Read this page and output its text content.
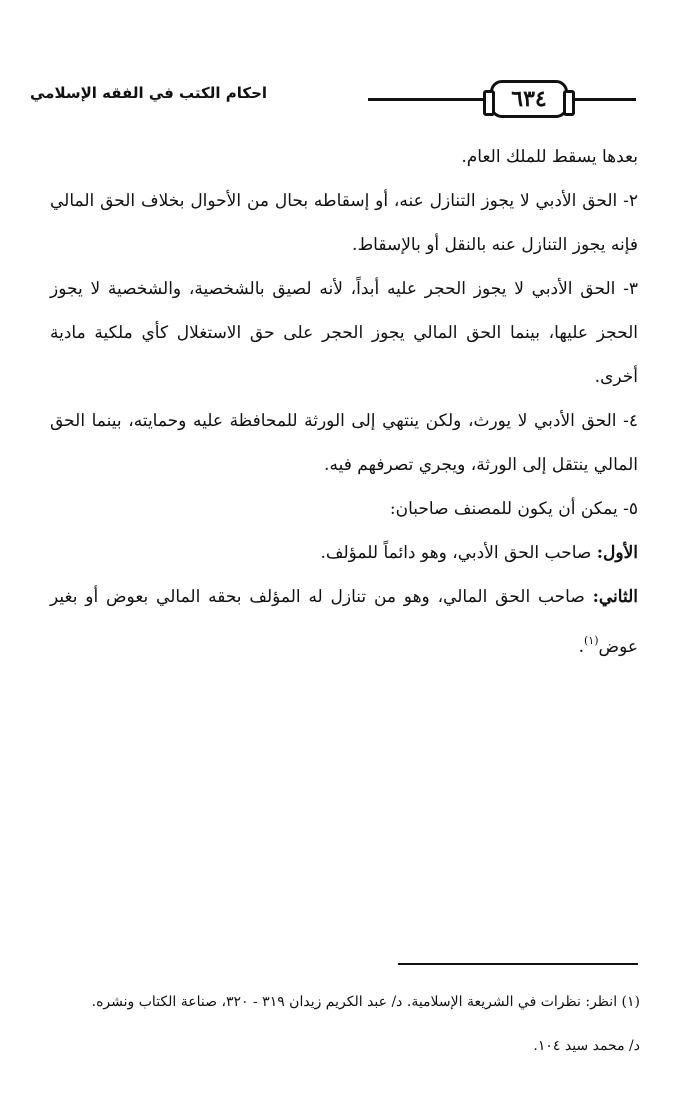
٦٣٤
احكام الكتب في الفقه الإسلامي

بعدها يسقط للملك العام.

٢- الحق الأدبي لا يجوز التنازل عنه، أو إسقاطه بحال من الأحوال بخلاف الحق المالي فإنه يجوز التنازل عنه بالنقل أو بالإسقاط.

٣- الحق الأدبي لا يجوز الحجر عليه أبداً، لأنه لصيق بالشخصية، والشخصية لا يجوز الحجز عليها، بينما الحق المالي يجوز الحجر على حق الاستغلال كأي ملكية مادية أخرى.

٤- الحق الأدبي لا يورث، ولكن ينتهي إلى الورثة للمحافظة عليه وحمايته، بينما الحق المالي ينتقل إلى الورثة، ويجري تصرفهم فيه.

٥- يمكن أن يكون للمصنف صاحبان:

الأول: صاحب الحق الأدبي، وهو دائماً للمؤلف.

الثاني: صاحب الحق المالي، وهو من تنازل له المؤلف بحقه المالي بعوض أو بغير عوض$^{(١)}$.

(١) انظر: نظرات في الشريعة الإسلامية. د/ عبد الكريم زيدان ٣١٩ - ٣٢٠، صناعة الكتاب ونشره.

د/ محمد سيد ١٠٤.
